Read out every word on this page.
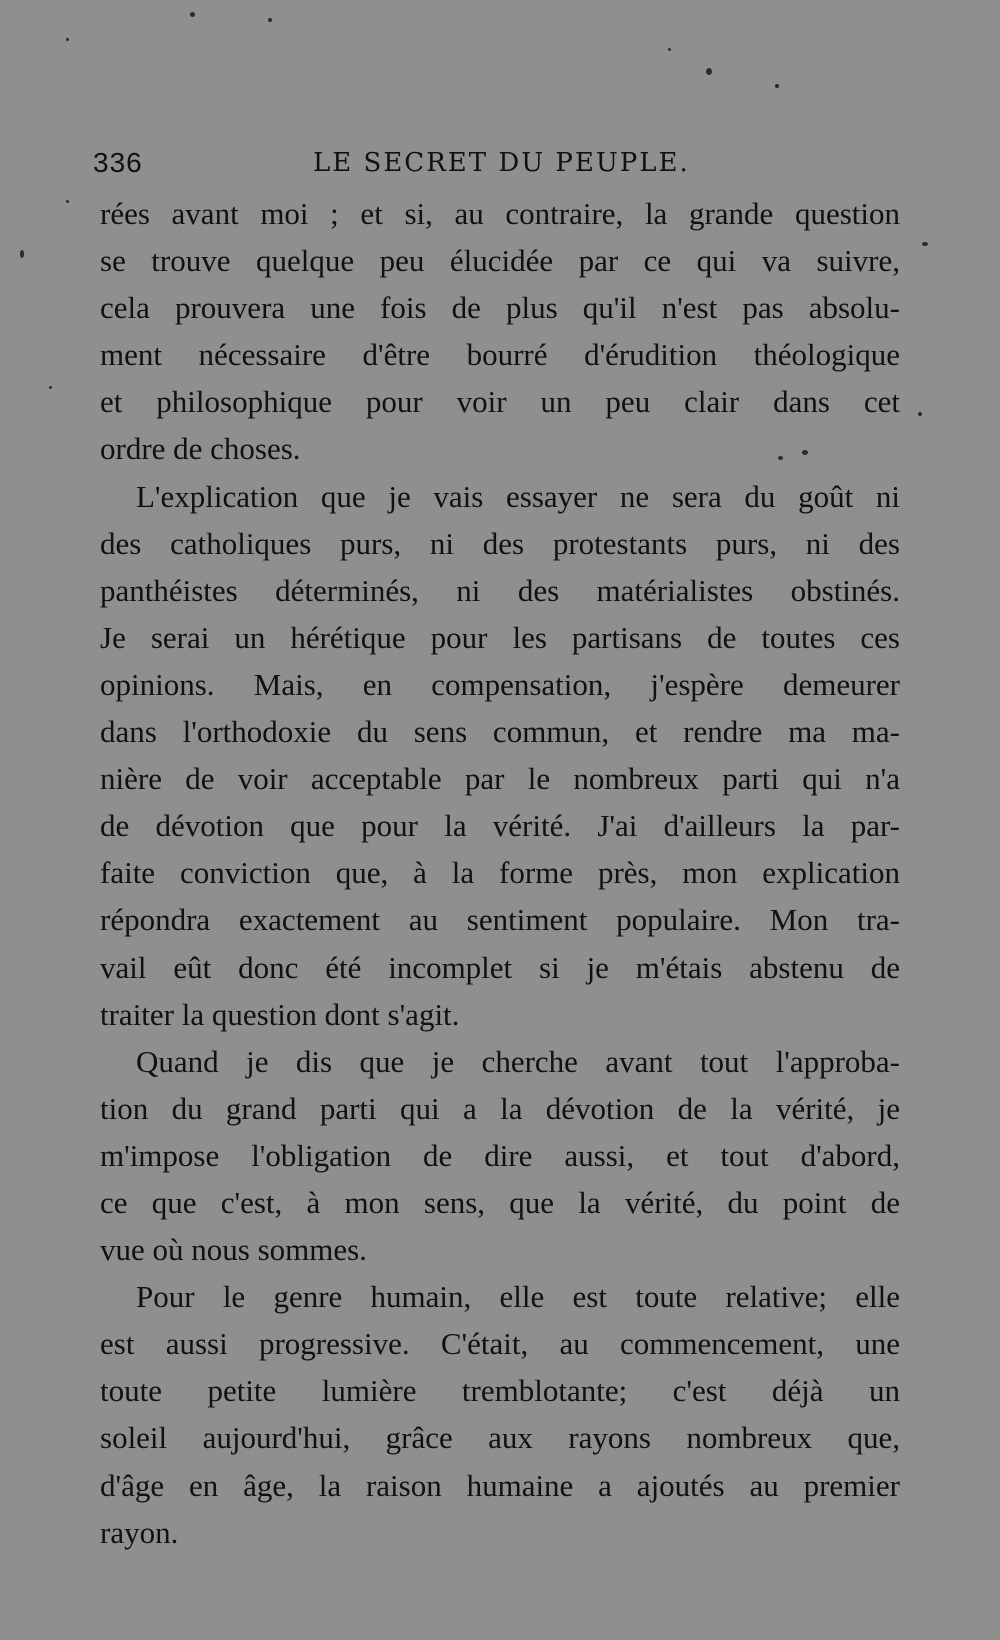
336	LE SECRET DU PEUPLE.
rées avant moi ; et si, au contraire, la grande question
se trouve quelque peu élucidée par ce qui va suivre,
cela prouvera une fois de plus qu'il n'est pas absolu-
ment nécessaire d'être bourré d'érudition théologique
et philosophique pour voir un peu clair dans cet
ordre de choses.
L'explication que je vais essayer ne sera du goût ni
des catholiques purs, ni des protestants purs, ni des
panthéistes déterminés, ni des matérialistes obstinés.
Je serai un hérétique pour les partisans de toutes ces
opinions. Mais, en compensation, j'espère demeurer
dans l'orthodoxie du sens commun, et rendre ma ma-
nière de voir acceptable par le nombreux parti qui n'a
de dévotion que pour la vérité. J'ai d'ailleurs la par-
faite conviction que, à la forme près, mon explication
répondra exactement au sentiment populaire. Mon tra-
vail eût donc été incomplet si je m'étais abstenu de
traiter la question dont s'agit.
Quand je dis que je cherche avant tout l'approba-
tion du grand parti qui a la dévotion de la vérité, je
m'impose l'obligation de dire aussi, et tout d'abord,
ce que c'est, à mon sens, que la vérité, du point de
vue où nous sommes.
Pour le genre humain, elle est toute relative; elle
est aussi progressive. C'était, au commencement, une
toute petite lumière tremblotante; c'est déjà un
soleil aujourd'hui, grâce aux rayons nombreux que,
d'âge en âge, la raison humaine a ajoutés au premier
rayon.
